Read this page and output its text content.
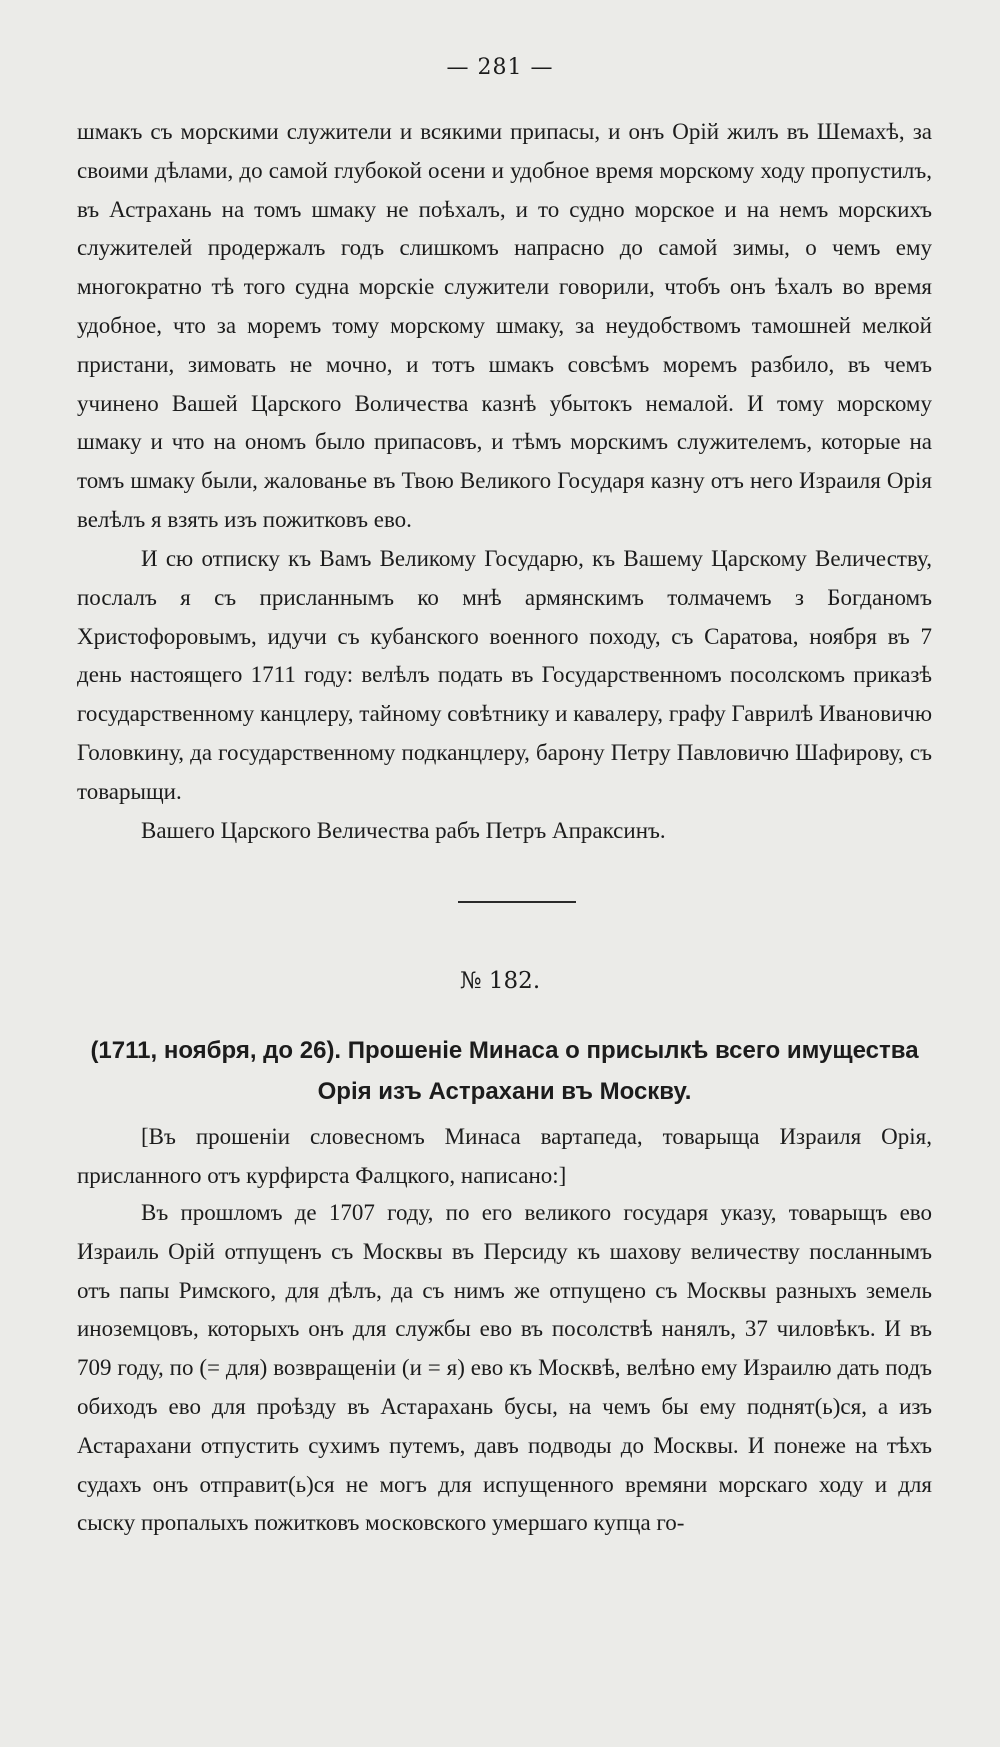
— 281 —

шмакъ съ морскими служители и всякими припасы, и онъ Орій жилъ въ Шемахѣ, за своими дѣлами, до самой глубокой осени и удобное время морскому ходу пропустилъ, въ Астрахань на томъ шмаку не поѣхалъ, и то судно морское и на немъ морскихъ служителей продержалъ годъ слишкомъ напрасно до самой зимы, о чемъ ему многократно тѣ того судна морскіе служители говорили, чтобъ онъ ѣхалъ во время удобное, что за моремъ тому морскому шмаку, за неудобствомъ тамошней мелкой пристани, зимовать не мочно, и тотъ шмакъ совсѣмъ моремъ разбило, въ чемъ учинено Вашей Царского Воличества казнѣ убытокъ немалой. И тому морскому шмаку и что на ономъ было припасовъ, и тѣмъ морскимъ служителемъ, которые на томъ шмаку были, жалованье въ Твою Великого Государя казну отъ него Израиля Орія велѣлъ я взять изъ пожитковъ ево.

И сю отписку къ Вамъ Великому Государю, къ Вашему Царскому Величеству, послалъ я съ присланнымъ ко мнѣ армянскимъ толмачемъ з Богданомъ Христофоровымъ, идучи съ кубанского военного походу, съ Саратова, ноября въ 7 день настоящего 1711 году: велѣлъ подать въ Государственномъ посолскомъ приказѣ государственному канцлеру, тайному совѣтнику и кавалеру, графу Гаврилѣ Ивановичю Головкину, да государственному подканцлеру, барону Петру Павловичю Шафирову, съ товарыщи.

Вашего Царского Величества рабъ Петръ Апраксинъ.

№ 182.
(1711, ноября, до 26). Прошеніе Минаса о присылкѣ всего имущества Орія изъ Астрахани въ Москву.

[Въ прошеніи словесномъ Минаса вартапеда, товарыща Израиля Орія, присланного отъ курфирста Фалцкого, написано:]

Въ прошломъ де 1707 году, по его великого государя указу, товарыщъ ево Израиль Орій отпущенъ съ Москвы въ Персиду къ шахову величеству посланнымъ отъ папы Римского, для дѣлъ, да съ нимъ же отпущено съ Москвы разныхъ земель иноземцовъ, которыхъ онъ для службы ево въ посолствѣ нанялъ, 37 чиловѣкъ. И въ 709 году, по (= для) возвращеніи (и = я) ево къ Москвѣ, велѣно ему Израилю дать подъ обиходъ ево для проѣзду въ Астарахань бусы, на чемъ бы ему поднят(ь)ся, а изъ Астарахани отпустить сухимъ путемъ, давъ подводы до Москвы. И понеже на тѣхъ судахъ онъ отправит(ь)ся не могъ для испущенного времяни морскаго ходу и для сыску пропалыхъ пожитковъ московского умершаго купца го-
